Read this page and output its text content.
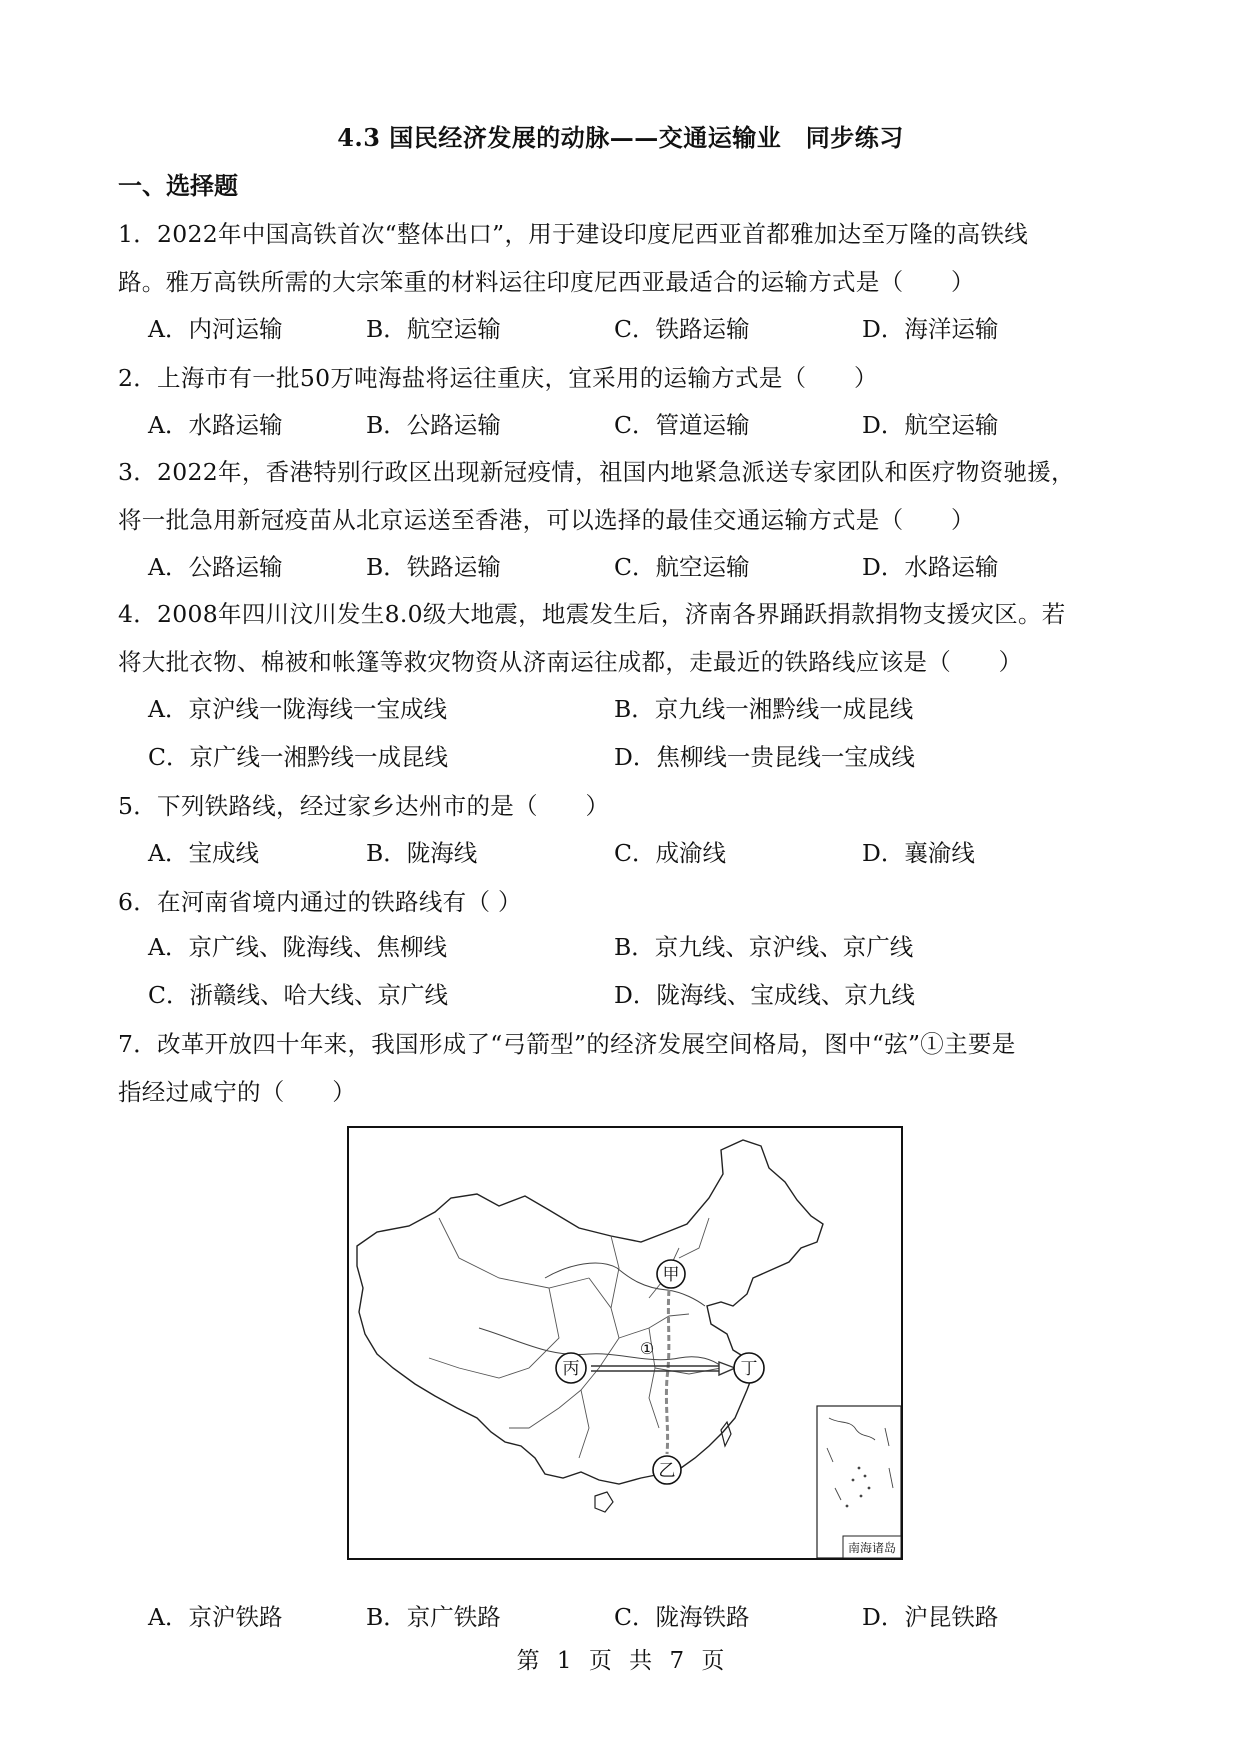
4.3 国民经济发展的动脉——交通运输业　同步练习
一、选择题
1．2022年中国高铁首次“整体出口”，用于建设印度尼西亚首都雅加达至万隆的高铁线
路。雅万高铁所需的大宗笨重的材料运往印度尼西亚最适合的运输方式是（　　）
A．内河运输	B．航空运输	C．铁路运输	D．海洋运输
2．上海市有一批50万吨海盐将运往重庆，宜采用的运输方式是（　　）
A．水路运输	B．公路运输	C．管道运输	D．航空运输
3．2022年，香港特别行政区出现新冠疫情，祖国内地紧急派送专家团队和医疗物资驰援，
将一批急用新冠疫苗从北京运送至香港，可以选择的最佳交通运输方式是（　　）
A．公路运输	B．铁路运输	C．航空运输	D．水路运输
4．2008年四川汶川发生8.0级大地震，地震发生后，济南各界踊跃捐款捐物支援灾区。若
将大批衣物、棉被和帐篷等救灾物资从济南运往成都，走最近的铁路线应该是（　　）
A．京沪线一陇海线一宝成线	B．京九线一湘黔线一成昆线
C．京广线一湘黔线一成昆线	D．焦柳线一贵昆线一宝成线
5．下列铁路线，经过家乡达州市的是（　　）
A．宝成线	B．陇海线	C．成渝线	D．襄渝线
6．在河南省境内通过的铁路线有（ ）
A．京广线、陇海线、焦柳线	B．京九线、京沪线、京广线
C．浙赣线、哈大线、京广线	D．陇海线、宝成线、京九线
7．改革开放四十年来，我国形成了“弓箭型”的经济发展空间格局，图中“弦”①主要是
指经过咸宁的（　　）
甲
丙	丁
乙
①
南海诸岛
A．京沪铁路	B．京广铁路	C．陇海铁路	D．沪昆铁路
第 1 页 共 7 页
